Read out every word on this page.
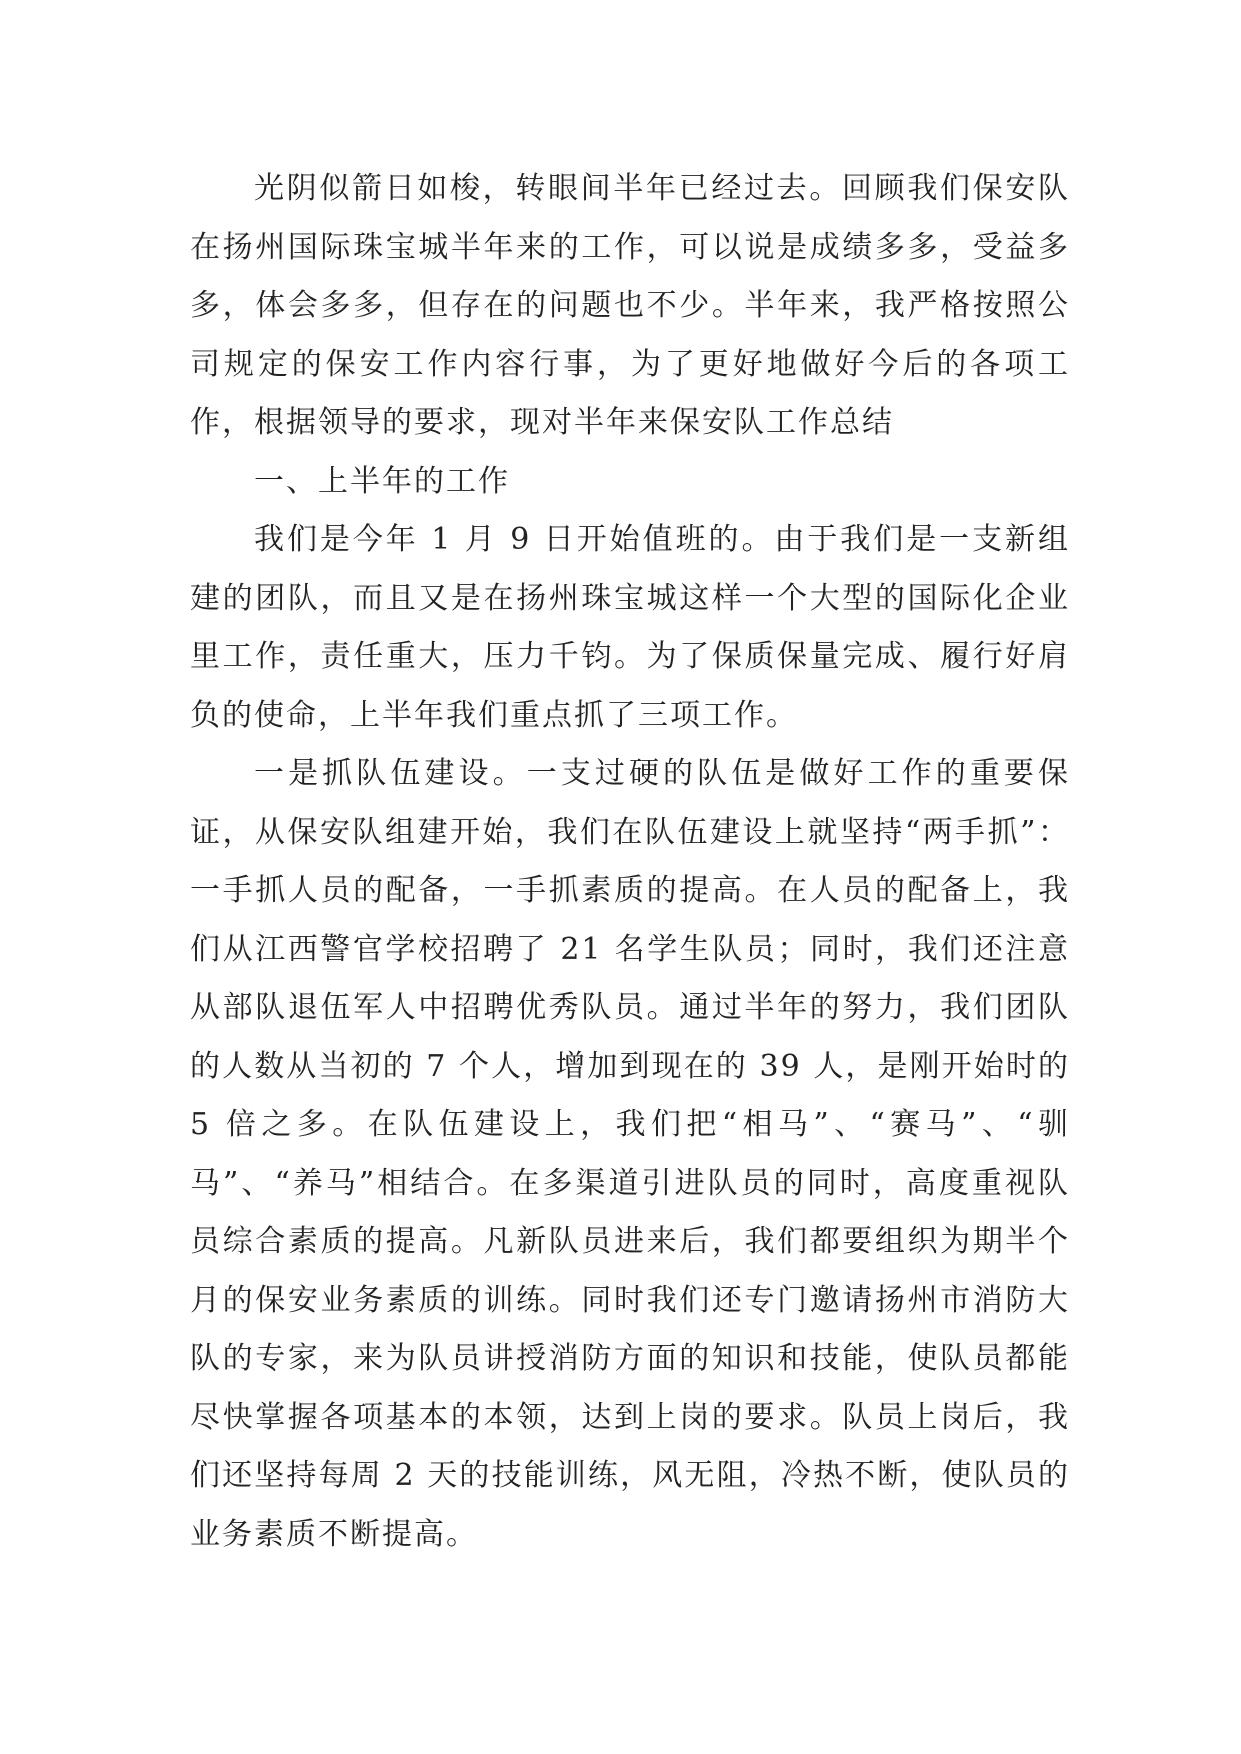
光阴似箭日如梭，转眼间半年已经过去。回顾我们保安队在扬州国际珠宝城半年来的工作，可以说是成绩多多，受益多多，体会多多，但存在的问题也不少。半年来，我严格按照公司规定的保安工作内容行事，为了更好地做好今后的各项工作，根据领导的要求，现对半年来保安队工作总结

一、上半年的工作

我们是今年 1 月 9 日开始值班的。由于我们是一支新组建的团队，而且又是在扬州珠宝城这样一个大型的国际化企业里工作，责任重大，压力千钧。为了保质保量完成、履行好肩负的使命，上半年我们重点抓了三项工作。

一是抓队伍建设。一支过硬的队伍是做好工作的重要保证，从保安队组建开始，我们在队伍建设上就坚持“两手抓”：一手抓人员的配备，一手抓素质的提高。在人员的配备上，我们从江西警官学校招聘了 21 名学生队员；同时，我们还注意从部队退伍军人中招聘优秀队员。通过半年的努力，我们团队的人数从当初的 7 个人，增加到现在的 39 人，是刚开始时的 5 倍之多。在队伍建设上，我们把“相马”、“赛马”、“驯马”、“养马”相结合。在多渠道引进队员的同时，高度重视队员综合素质的提高。凡新队员进来后，我们都要组织为期半个月的保安业务素质的训练。同时我们还专门邀请扬州市消防大队的专家，来为队员讲授消防方面的知识和技能，使队员都能尽快掌握各项基本的本领，达到上岗的要求。队员上岗后，我们还坚持每周 2 天的技能训练，风无阻，冷热不断，使队员的业务素质不断提高。
